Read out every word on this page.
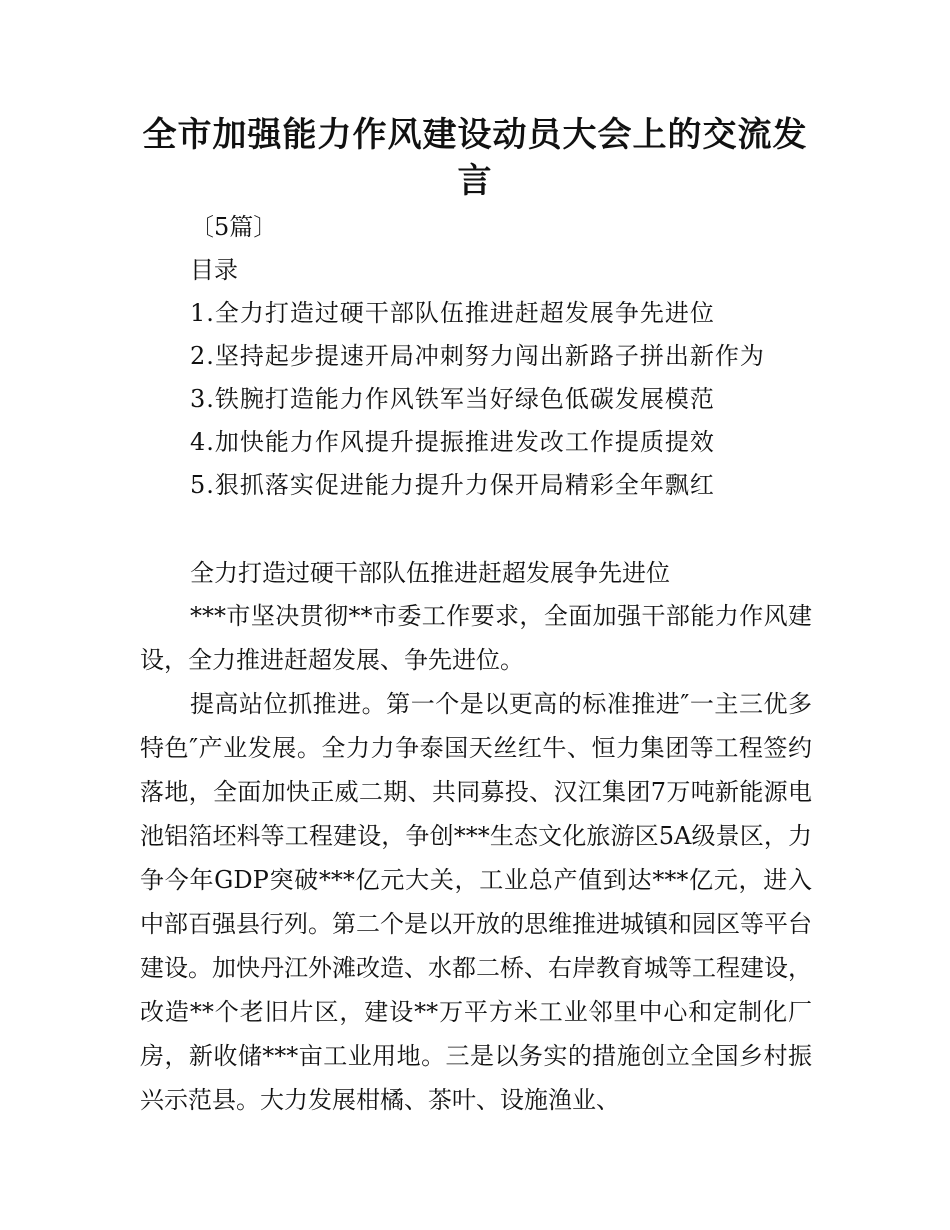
全市加强能力作风建设动员大会上的交流发言
〔5篇〕
目录
1.全力打造过硬干部队伍推进赶超发展争先进位
2.坚持起步提速开局冲刺努力闯出新路子拼出新作为
3.铁腕打造能力作风铁军当好绿色低碳发展模范
4.加快能力作风提升提振推进发改工作提质提效
5.狠抓落实促进能力提升力保开局精彩全年飘红
全力打造过硬干部队伍推进赶超发展争先进位

***市坚决贯彻**市委工作要求，全面加强干部能力作风建设，全力推进赶超发展、争先进位。

提高站位抓推进。第一个是以更高的标准推进″一主三优多特色″产业发展。全力力争泰国天丝红牛、恒力集团等工程签约落地，全面加快正威二期、共同募投、汉江集团7万吨新能源电池铝箔坯料等工程建设，争创***生态文化旅游区5A级景区，力争今年GDP突破***亿元大关，工业总产值到达***亿元，进入中部百强县行列。第二个是以开放的思维推进城镇和园区等平台建设。加快丹江外滩改造、水都二桥、右岸教育城等工程建设，改造**个老旧片区，建设**万平方米工业邻里中心和定制化厂房，新收储***亩工业用地。三是以务实的措施创立全国乡村振兴示范县。大力发展柑橘、茶叶、设施渔业、
